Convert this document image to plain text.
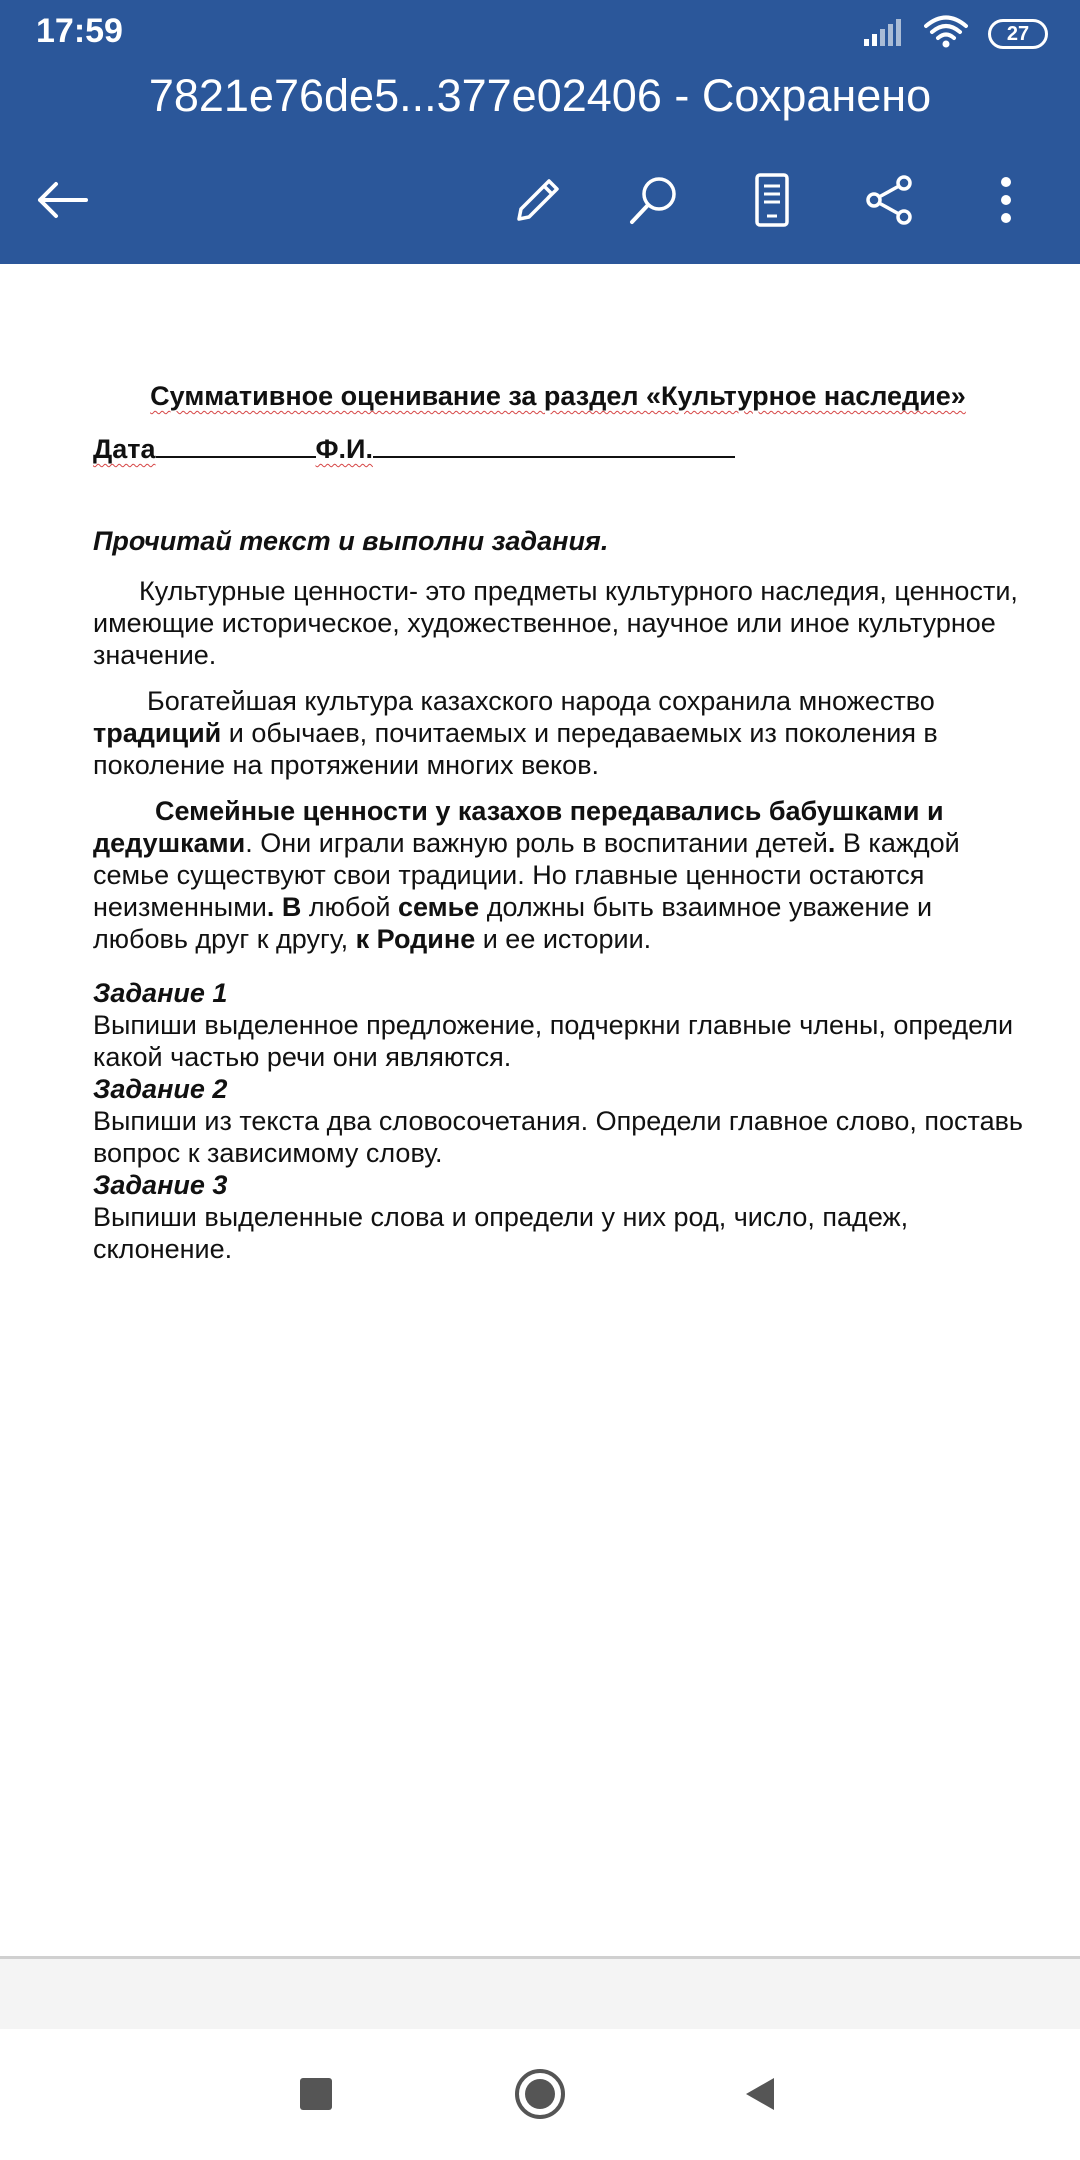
17:59	27
7821e76de5...377e02406 - Сохранено
Суммативное оценивание за раздел «Культурное наследие»
Дата	Ф.И.
Прочитай текст и выполни задания.

Культурные ценности- это предметы культурного наследия, ценности, имеющие историческое, художественное, научное или иное культурное значение.

Богатейшая культура казахского народа сохранила множество традиций и обычаев, почитаемых и передаваемых из поколения в поколение на протяжении многих веков.

Семейные ценности у казахов передавались бабушками и дедушками. Они играли важную роль в воспитании детей. В каждой семье существуют свои традиции. Но главные ценности остаются неизменными. В любой семье должны быть взаимное уважение и любовь друг к другу, к Родине и ее истории.

Задание 1

Выпиши выделенное предложение, подчеркни главные члены, определи какой частью речи они являются.

Задание 2

Выпиши из текста два словосочетания. Определи главное слово, поставь вопрос к зависимому слову.

Задание 3

Выпиши выделенные слова и определи у них род, число, падеж, склонение.
